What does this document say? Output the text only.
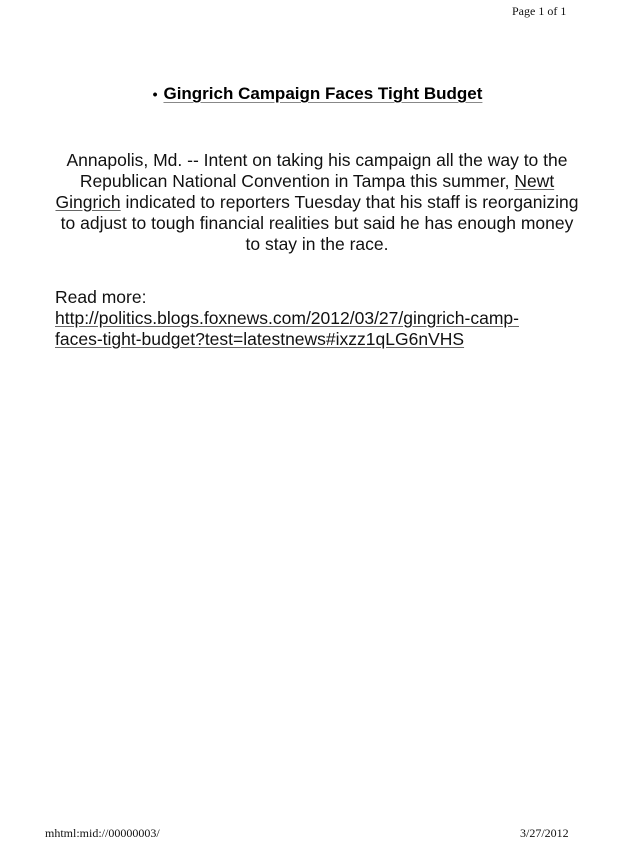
Page 1 of 1
• Gingrich Campaign Faces Tight Budget
Annapolis, Md. -- Intent on taking his campaign all the way to the Republican National Convention in Tampa this summer, Newt Gingrich indicated to reporters Tuesday that his staff is reorganizing to adjust to tough financial realities but said he has enough money to stay in the race.
Read more:
http://politics.blogs.foxnews.com/2012/03/27/gingrich-camp-
faces-tight-budget?test=latestnews#ixzz1qLG6nVHS
mhtml:mid://00000003/	3/27/2012
